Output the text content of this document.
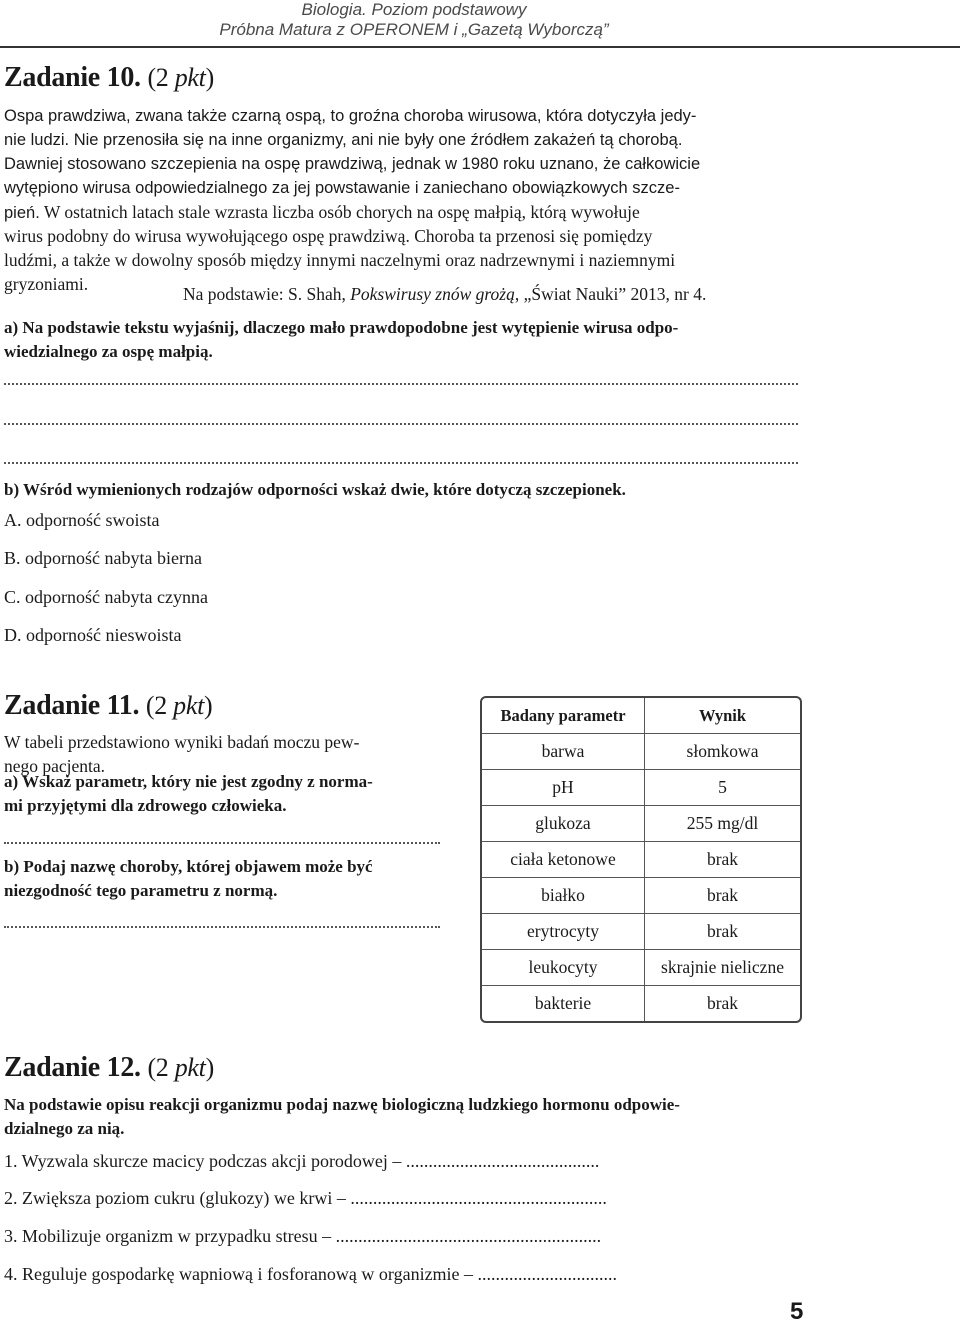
Biologia. Poziom podstawowy
Próbna Matura z OPERONEM i „Gazetą Wyborczą”
Zadanie 10. (2 pkt)
Ospa prawdziwa, zwana także czarną ospą, to groźna choroba wirusowa, która dotyczyła jedy-
nie ludzi. Nie przenosiła się na inne organizmy, ani nie były one źródłem zakażeń tą chorobą.
Dawniej stosowano szczepienia na ospę prawdziwą, jednak w 1980 roku uznano, że całkowicie
wytępiono wirusa odpowiedzialnego za jej powstawanie i zaniechano obowiązkowych szcze-
pień. W ostatnich latach stale wzrasta liczba osób chorych na ospę małpią, którą wywołuje
wirus podobny do wirusa wywołującego ospę prawdziwą. Choroba ta przenosi się pomiędzy
ludźmi, a także w dowolny sposób między innymi naczelnymi oraz nadrzewnymi i naziemnymi
gryzoniami.	Na podstawie: S. Shah, Pokswirusy znów grożą, „Świat Nauki” 2013, nr 4.
a) Na podstawie tekstu wyjaśnij, dlaczego mało prawdopodobne jest wytępienie wirusa odpo-
wiedzialnego za ospę małpią.
b) Wśród wymienionych rodzajów odporności wskaż dwie, które dotyczą szczepionek.
A. odporność swoista
B. odporność nabyta bierna
C. odporność nabyta czynna
D. odporność nieswoista
Zadanie 11. (2 pkt)
W tabeli przedstawiono wyniki badań moczu pew-
nego pacjenta.
a) Wskaż parametr, który nie jest zgodny z norma-
mi przyjętymi dla zdrowego człowieka.
b) Podaj nazwę choroby, której objawem może być
niezgodność tego parametru z normą.
Badany parametr	Wynik
barwa	słomkowa
pH	5
glukoza	255 mg/dl
ciała ketonowe	brak
białko	brak
erytrocyty	brak
leukocyty	skrajnie nieliczne
bakterie	brak
Zadanie 12. (2 pkt)
Na podstawie opisu reakcji organizmu podaj nazwę biologiczną ludzkiego hormonu odpowie-
dzialnego za nią.
1. Wyzwala skurcze macicy podczas akcji porodowej – ...........................................
2. Zwiększa poziom cukru (glukozy) we krwi – .........................................................
3. Mobilizuje organizm w przypadku stresu – ...........................................................
4. Reguluje gospodarkę wapniową i fosforanową w organizmie – ...............................
5
